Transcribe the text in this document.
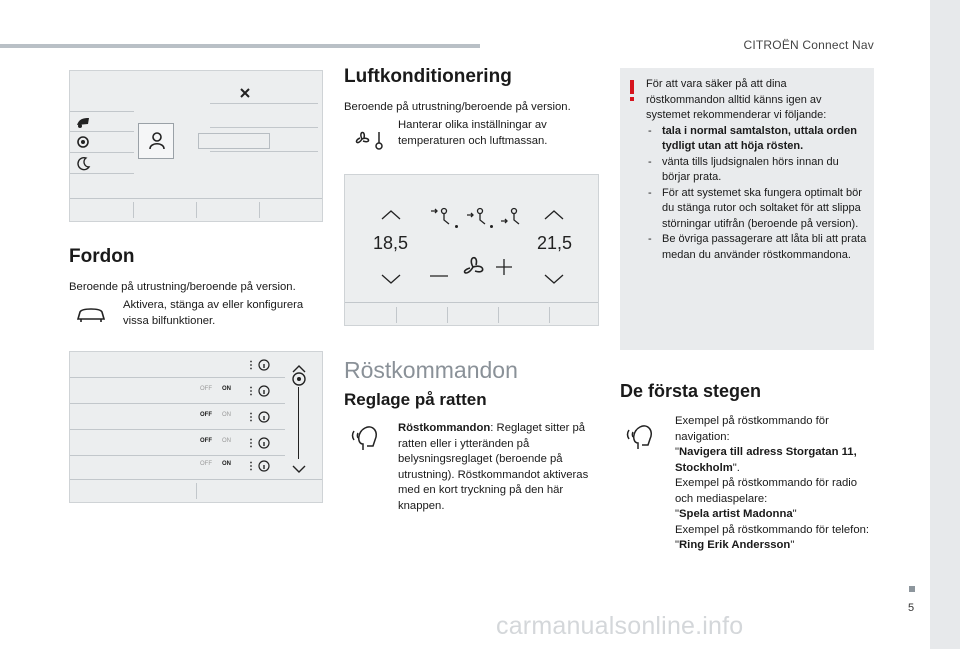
CITROËN Connect Nav
5
carmanualsonline.info
Fordon
Beroende på utrustning/beroende på version.
Aktivera, stänga av eller konfigurera vissa bilfunktioner.
⋮
OFF ON ⋮
OFF ON ⋮
OFF ON ⋮
OFF ON ⋮
Luftkonditionering
Beroende på utrustning/beroende på version.
Hanterar olika inställningar av temperaturen och luftmassan.
18,5	21,5
Röstkommandon
Reglage på ratten
Röstkommandon: Reglaget sitter på ratten eller i ytteränden på belysningsreglaget (beroende på utrustning). Röstkommandot aktiveras med en kort tryckning på den här knappen.
För att vara säker på att dina röstkommandon alltid känns igen av systemet rekommenderar vi följande:
- tala i normal samtalston, uttala orden tydligt utan att höja rösten.
- vänta tills ljudsignalen hörs innan du börjar prata.
- För att systemet ska fungera optimalt bör du stänga rutor och soltaket för att slippa störningar utifrån (beroende på version).
- Be övriga passagerare att låta bli att prata medan du använder röstkommandona.
De första stegen
Exempel på röstkommando för navigation:
"Navigera till adress Storgatan 11, Stockholm".
Exempel på röstkommando för radio och mediaspelare:
"Spela artist Madonna"
Exempel på röstkommando för telefon:
"Ring Erik Andersson"
